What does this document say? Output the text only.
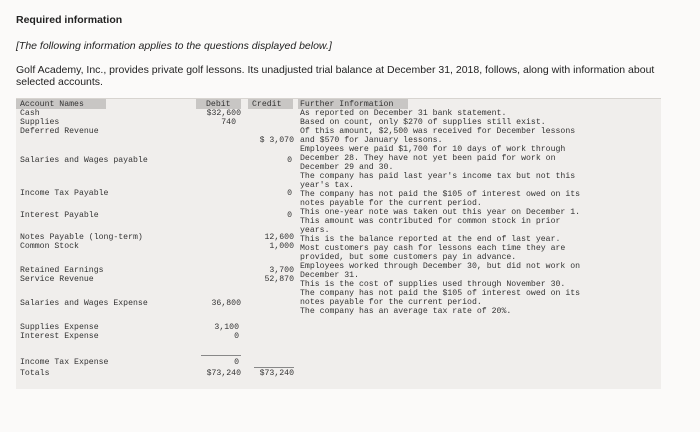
Required information
[The following information applies to the questions displayed below.]
Golf Academy, Inc., provides private golf lessons. Its unadjusted trial balance at December 31, 2018, follows, along with information about selected accounts.
Account Names	Debit	Credit Further Information
Cash
Supplies
Deferred Revenue
Salaries and Wages payable
Income Tax Payable
Interest Payable
Notes Payable (long-term)
Common Stock
Retained Earnings
Service Revenue
Salaries and Wages Expense
Supplies Expense
Interest Expense
Income Tax Expense
Totals
$32,600
740
36,800
3,100
0
0
$73,240
$ 3,070
0
0
0
12,600
1,000
3,700
52,870
$73,240
As reported on December 31 bank statement.
Based on count, only $270 of supplies still exist.
Of this amount, $2,500 was received for December lessons
and $570 for January lessons.
Employees were paid $1,700 for 10 days of work through
December 28. They have not yet been paid for work on
December 29 and 30.
The company has paid last year's income tax but not this
year's tax.
The company has not paid the $105 of interest owed on its
notes payable for the current period.
This one-year note was taken out this year on December 1.
This amount was contributed for common stock in prior
years.
This is the balance reported at the end of last year.
Most customers pay cash for lessons each time they are
provided, but some customers pay in advance.
Employees worked through December 30, but did not work on
December 31.
This is the cost of supplies used through November 30.
The company has not paid the $105 of interest owed on its
notes payable for the current period.
The company has an average tax rate of 20%.
